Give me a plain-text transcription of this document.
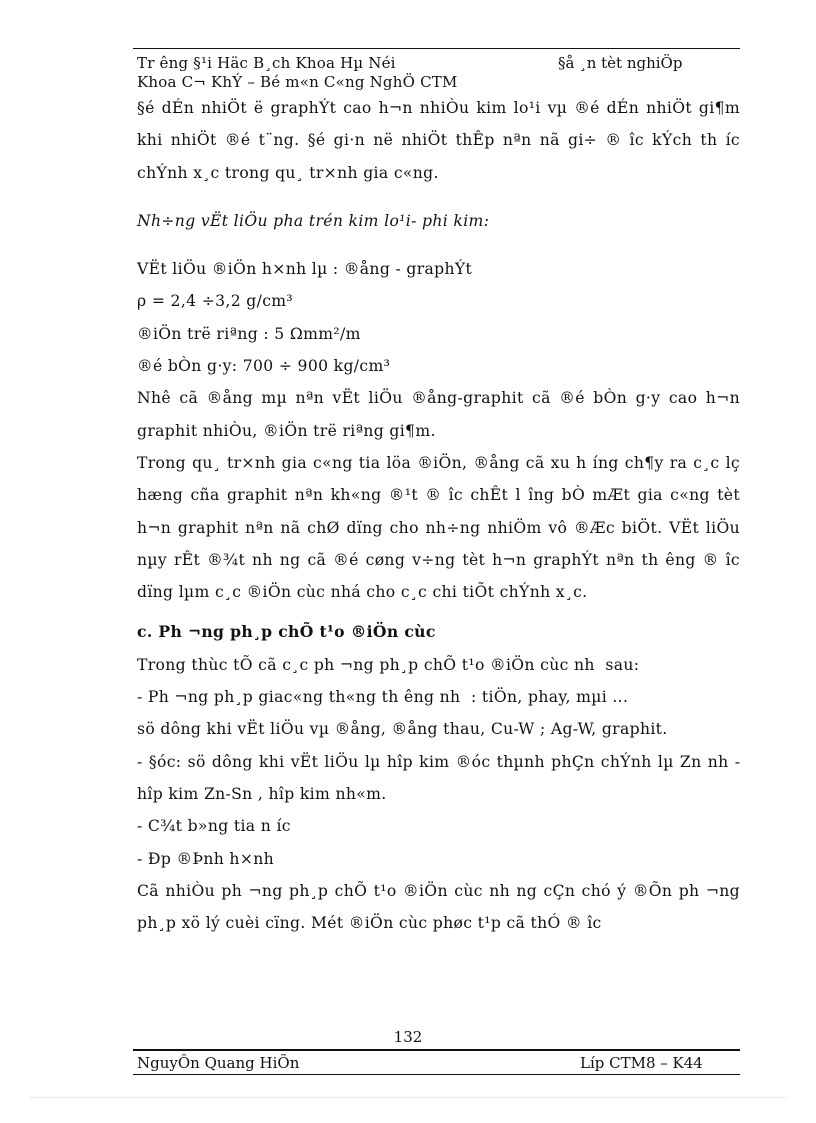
Tr êng §¹i Häc B¸ch Khoa Hµ Néi	§å ¸n tèt nghiÖp
Khoa C¬ KhÝ – Bé m«n C«ng NghÖ CTM

§é dÉn nhiÖt ë graphÝt cao h¬n nhiÒu kim lo¹i vµ ®é dÉn nhiÖt gi¶m khi nhiÖt ®é t¨ng. §é gi·n në nhiÖt thÊp nªn nã gi÷ ® îc kÝch th íc chÝnh x¸c trong qu¸ tr×nh gia c«ng.

Nh÷ng vËt liÖu pha trén kim lo¹i- phi kim:

VËt liÖu ®iÖn h×nh lµ : ®ång - graphÝt

ρ = 2,4 ÷3,2 g/cm³

®iÖn trë riªng : 5 Ωmm²/m

®é bÒn g·y: 700 ÷ 900 kg/cm³

Nhê cã ®ång mµ nªn vËt liÖu ®ång-graphit cã ®é bÒn g·y cao h¬n graphit nhiÒu, ®iÖn trë riªng gi¶m.

Trong qu¸ tr×nh gia c«ng tia löa ®iÖn, ®ång cã xu h íng ch¶y ra c¸c lç hæng cña graphit nªn kh«ng ®¹t ® îc chÊt l îng bÒ mÆt gia c«ng tèt h¬n graphit nªn nã chØ dïng cho nh÷ng nhiÖm vô ®Æc biÖt. VËt liÖu nµy rÊt ®¾t nh ng cã ®é cøng v÷ng tèt h¬n graphÝt nªn th êng ® îc dïng lµm c¸c ®iÖn cùc nhá cho c¸c chi tiÕt chÝnh x¸c.

c. Ph ¬ng ph¸p chÕ t¹o ®iÖn cùc

Trong thùc tÕ cã c¸c ph ¬ng ph¸p chÕ t¹o ®iÖn cùc nh sau:

- Ph ¬ng ph¸p giac«ng th«ng th êng nh : tiÖn, phay, mµi ...

sö dông khi vËt liÖu vµ ®ång, ®ång thau, Cu-W ; Ag-W, graphit.

- §óc: sö dông khi vËt liÖu lµ hîp kim ®óc thµnh phÇn chÝnh lµ Zn nh hîp kim Zn-Sn , hîp kim nh«m.

- C¾t b»ng tia n íc

- Ðp ®Þnh h×nh

Cã nhiÒu ph ¬ng ph¸p chÕ t¹o ®iÖn cùc nh ng cÇn chó ý ®Õn ph ¬ng ph¸p xö lý cuèi cïng. Mét ®iÖn cùc phøc t¹p cã thÓ ® îc

132
NguyÔn Quang HiÕn	Líp CTM8 – K44
